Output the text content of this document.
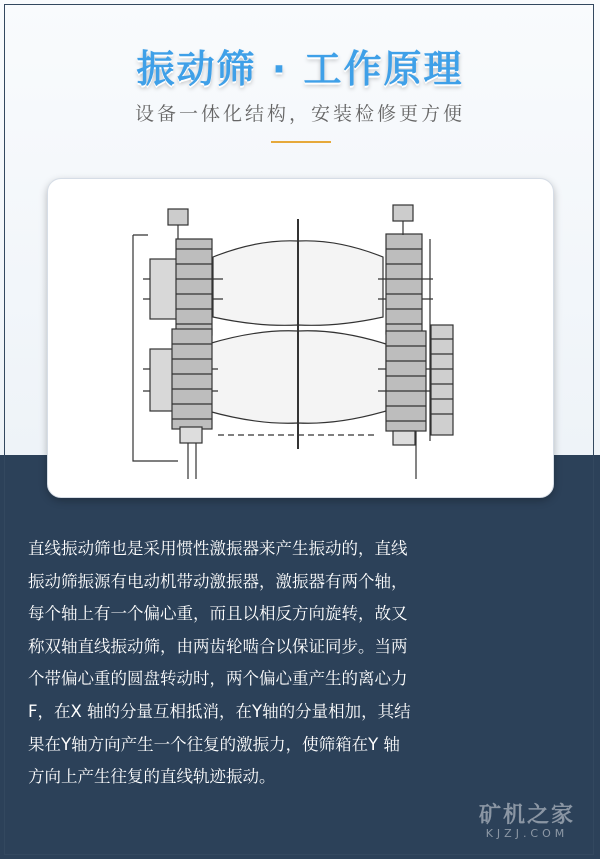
振动筛 · 工作原理
设备一体化结构，安装检修更方便
直线振动筛也是采用惯性激振器来产生振动的，直线
振动筛振源有电动机带动激振器，激振器有两个轴，
每个轴上有一个偏心重，而且以相反方向旋转，故又
称双轴直线振动筛，由两齿轮啮合以保证同步。当两
个带偏心重的圆盘转动时，两个偏心重产生的离心力
F，在X 轴的分量互相抵消，在Y轴的分量相加，其结
果在Y轴方向产生一个往复的激振力，使筛箱在Y 轴
方向上产生往复的直线轨迹振动。
矿机之家
KJZJ.COM
